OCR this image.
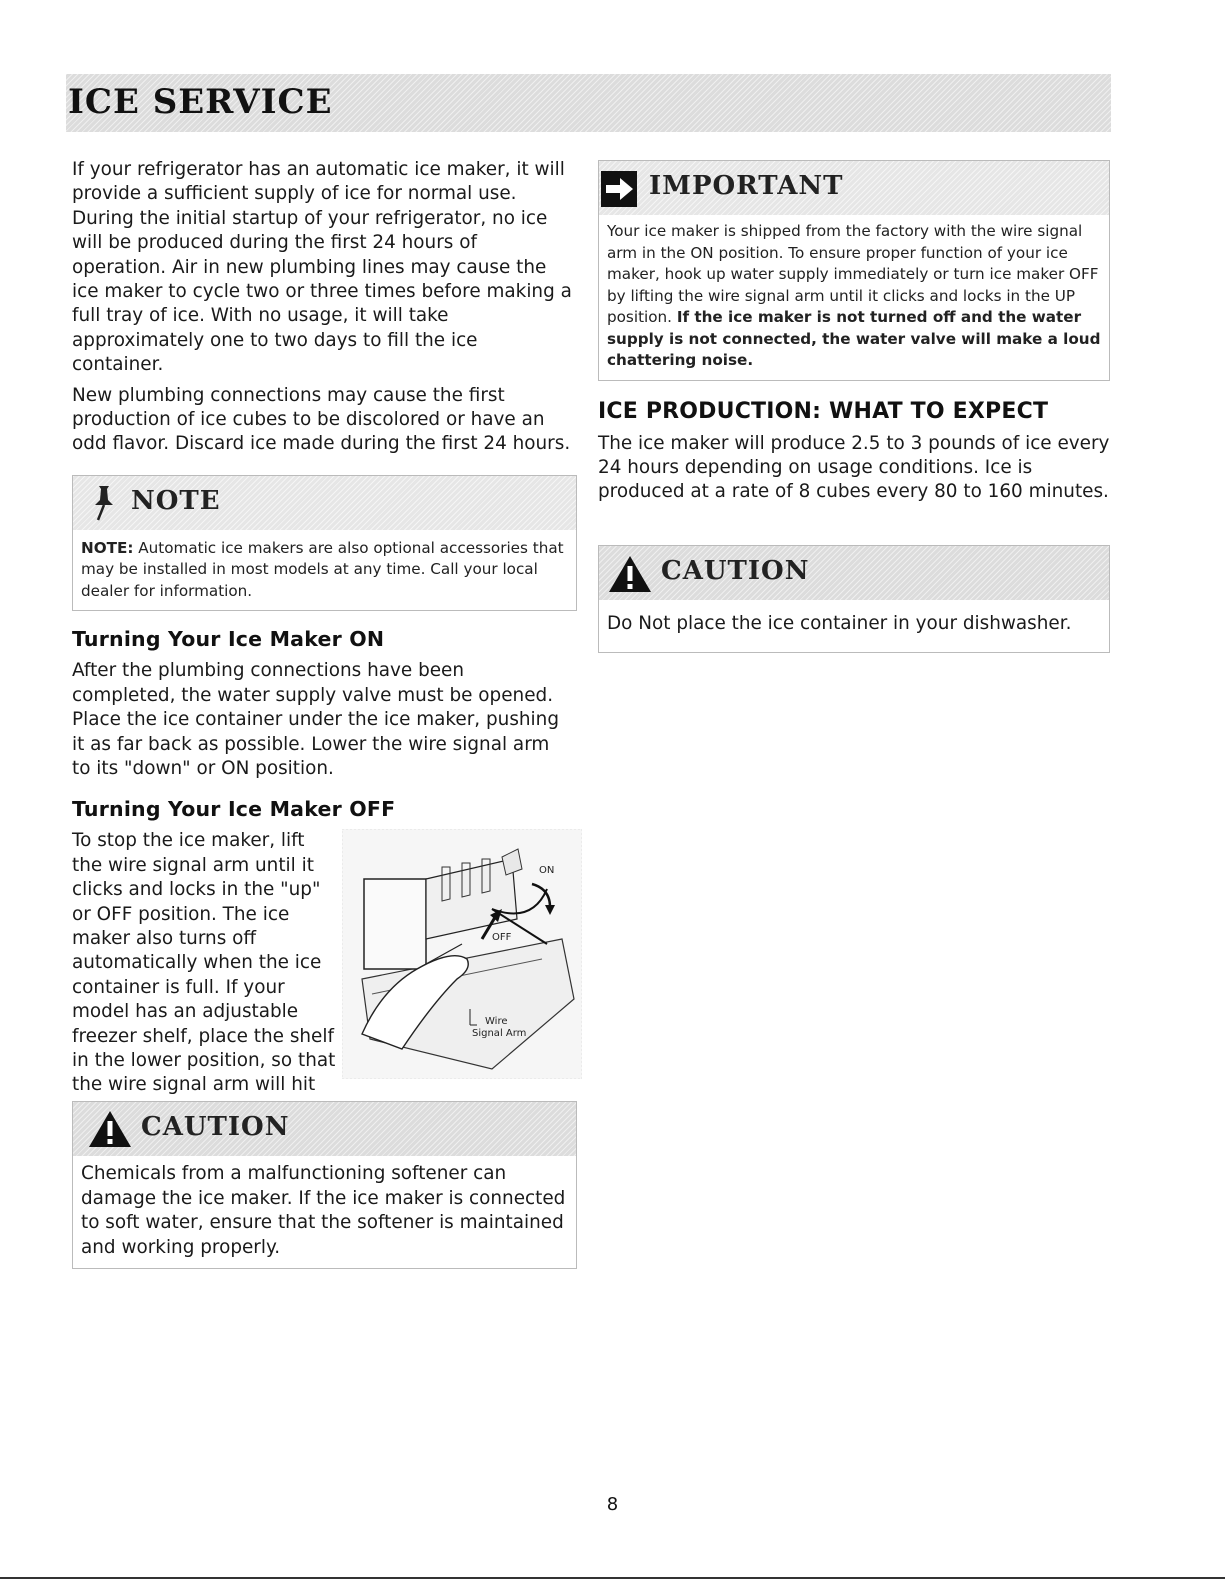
ICE SERVICE

If your refrigerator has an automatic ice maker, it will provide a sufficient supply of ice for normal use. During the initial startup of your refrigerator, no ice will be produced during the first 24 hours of operation. Air in new plumbing lines may cause the ice maker to cycle two or three times before making a full tray of ice. With no usage, it will take approximately one to two days to fill the ice container.

New plumbing connections may cause the first production of ice cubes to be discolored or have an odd flavor. Discard ice made during the first 24 hours.

NOTE

NOTE: Automatic ice makers are also optional accessories that may be installed in most models at any time. Call your local dealer for information.

Turning Your Ice Maker ON

After the plumbing connections have been completed, the water supply valve must be opened. Place the ice container under the ice maker, pushing it as far back as possible. Lower the wire signal arm to its "down" or ON position.

Turning Your Ice Maker OFF

To stop the ice maker, lift the wire signal arm until it clicks and locks in the "up" or OFF position. The ice maker also turns off automatically when the ice container is full. If your model has an adjustable freezer shelf, place the shelf in the lower position, so that the wire signal arm will hit

ON
OFF
Wire
Signal Arm
CAUTION

Chemicals from a malfunctioning softener can damage the ice maker. If the ice maker is connected to soft water, ensure that the softener is maintained and working properly.

IMPORTANT

Your ice maker is shipped from the factory with the wire signal arm in the ON position. To ensure proper function of your ice maker, hook up water supply immediately or turn ice maker OFF by lifting the wire signal arm until it clicks and locks in the UP position. If the ice maker is not turned off and the water supply is not connected, the water valve will make a loud chattering noise.

ICE PRODUCTION: WHAT TO EXPECT

The ice maker will produce 2.5 to 3 pounds of ice every 24 hours depending on usage conditions. Ice is produced at a rate of 8 cubes every 80 to 160 minutes.

CAUTION

Do Not place the ice container in your dishwasher.

8
